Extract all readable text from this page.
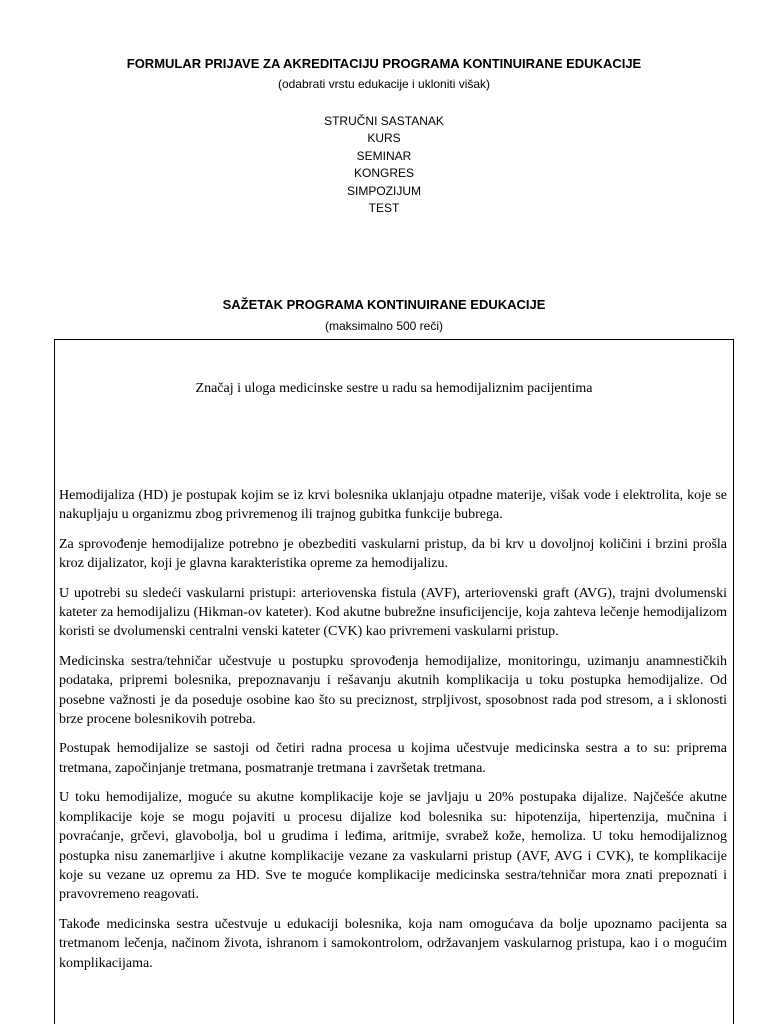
FORMULAR PRIJAVE ZA AKREDITACIJU PROGRAMA KONTINUIRANE EDUKACIJE
(odabrati vrstu edukacije i ukloniti višak)
STRUČNI SASTANAK
KURS
SEMINAR
KONGRES
SIMPOZIJUM
TEST
SAŽETAK PROGRAMA KONTINUIRANE EDUKACIJE
(maksimalno 500 reči)
Značaj i uloga medicinske sestre u radu sa hemodijaliznim pacijentima

Hemodijaliza (HD) je postupak kojim se iz krvi bolesnika uklanjaju otpadne materije, višak vode i elektrolita, koje se nakupljaju u organizmu zbog privremenog ili trajnog gubitka funkcije bubrega.

Za sprovođenje hemodijalize potrebno je obezbediti vaskularni pristup, da bi krv u dovoljnoj količini i brzini prošla kroz dijalizator, koji je glavna karakteristika opreme za hemodijalizu.

U upotrebi su sledeći vaskularni pristupi: arteriovenska fistula (AVF), arteriovenski graft (AVG), trajni dvolumenski kateter za hemodijalizu (Hikman-ov kateter). Kod akutne bubrežne insuficijencije, koja zahteva lečenje hemodijalizom koristi se dvolumenski centralni venski kateter (CVK) kao privremeni vaskularni pristup.

Medicinska sestra/tehničar učestvuje u postupku sprovođenja hemodijalize, monitoringu, uzimanju anamnestičkih podataka, pripremi bolesnika, prepoznavanju i rešavanju akutnih komplikacija u toku postupka hemodijalize. Od posebne važnosti je da poseduje osobine kao što su preciznost, strpljivost, sposobnost rada pod stresom, a i sklonosti brze procene bolesnikovih potreba.

Postupak hemodijalize se sastoji od četiri radna procesa u kojima učestvuje medicinska sestra a to su: priprema tretmana, započinjanje tretmana, posmatranje tretmana i završetak tretmana.

U toku hemodijalize, moguće su akutne komplikacije koje se javljaju u 20% postupaka dijalize. Najčešće akutne komplikacije koje se mogu pojaviti u procesu dijalize kod bolesnika su: hipotenzija, hipertenzija, mučnina i povraćanje, grčevi, glavobolja, bol u grudima i leđima, aritmije, svrabež kože, hemoliza. U toku hemodijaliznog postupka nisu zanemarljive i akutne komplikacije vezane za vaskularni pristup (AVF, AVG i CVK), te komplikacije koje su vezane uz opremu za HD. Sve te moguće komplikacije medicinska sestra/tehničar mora znati prepoznati i pravovremeno reagovati.

Takođe medicinska sestra učestvuje u edukaciji bolesnika, koja nam omogućava da bolje upoznamo pacijenta sa tretmanom lečenja, načinom života, ishranom i samokontrolom, održavanjem vaskularnog pristupa, kao i o mogućim komplikacijama.
